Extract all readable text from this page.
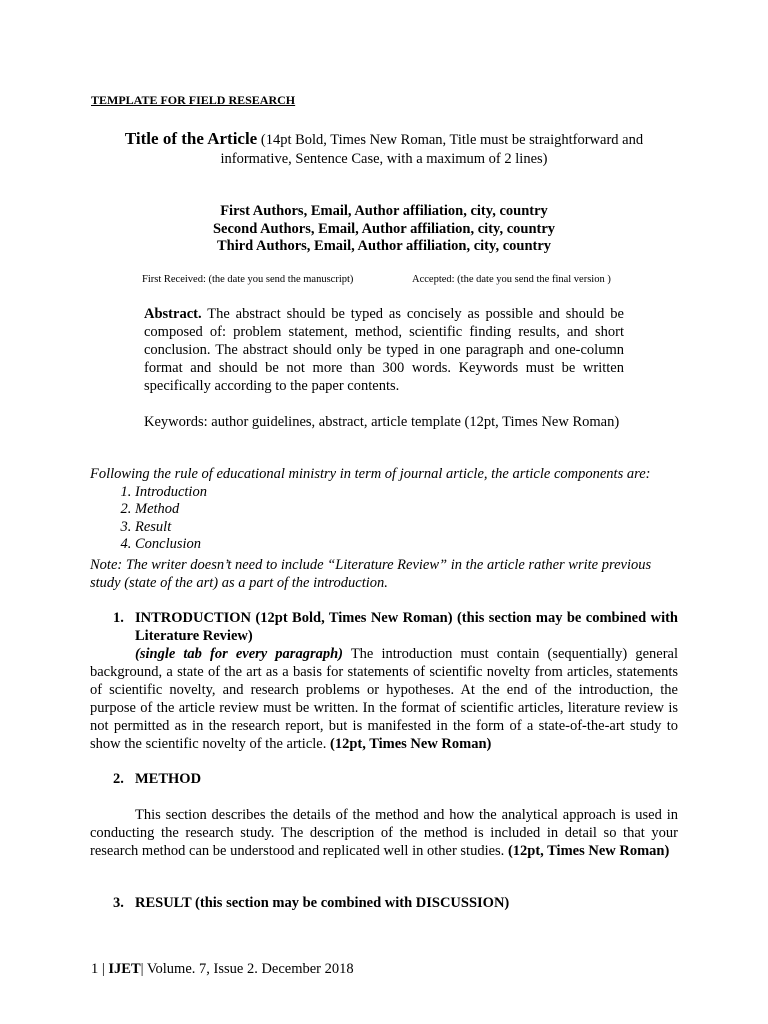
TEMPLATE FOR FIELD RESEARCH
Title of the Article (14pt Bold, Times New Roman, Title must be straightforward and informative, Sentence Case, with a maximum of 2 lines)
First Authors, Email, Author affiliation, city, country
Second Authors, Email, Author affiliation, city, country
Third Authors, Email, Author affiliation, city, country
First Received: (the date you send the manuscript)	Accepted: (the date you send the final version )
Abstract. The abstract should be typed as concisely as possible and should be composed of: problem statement, method, scientific finding results, and short conclusion. The abstract should only be typed in one paragraph and one-column format and should be not more than 300 words. Keywords must be written specifically according to the paper contents.
Keywords: author guidelines, abstract, article template (12pt, Times New Roman)
Following the rule of educational ministry in term of journal article, the article components are:
1. Introduction
2. Method
3. Result
4. Conclusion
Note: The writer doesn’t need to include “Literature Review” in the article rather write previous study (state of the art) as a part of the introduction.
1. INTRODUCTION (12pt Bold, Times New Roman) (this section may be combined with Literature Review)
(single tab for every paragraph) The introduction must contain (sequentially) general background, a state of the art as a basis for statements of scientific novelty from articles, statements of scientific novelty, and research problems or hypotheses. At the end of the introduction, the purpose of the article review must be written. In the format of scientific articles, literature review is not permitted as in the research report, but is manifested in the form of a state-of-the-art study to show the scientific novelty of the article. (12pt, Times New Roman)
2. METHOD
This section describes the details of the method and how the analytical approach is used in conducting the research study. The description of the method is included in detail so that your research method can be understood and replicated well in other studies. (12pt, Times New Roman)
3. RESULT (this section may be combined with DISCUSSION)
1 | IJET| Volume. 7, Issue 2. December 2018
